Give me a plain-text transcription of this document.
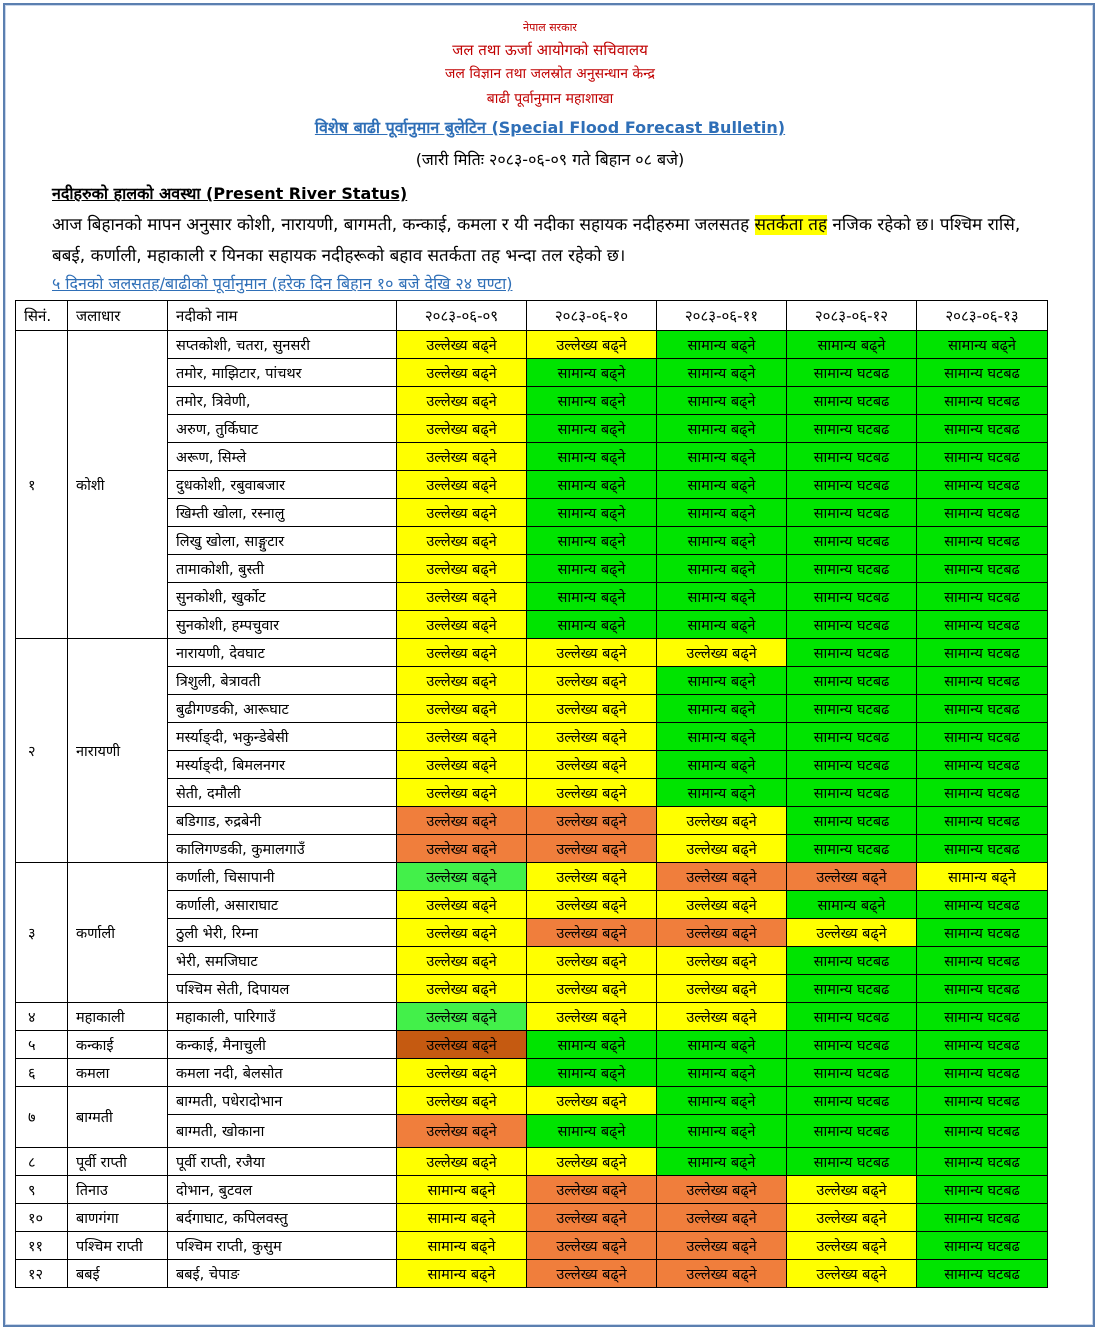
नेपाल सरकार
जल तथा ऊर्जा आयोगको सचिवालय
जल विज्ञान तथा जलस्रोत अनुसन्धान केन्द्र
बाढी पूर्वानुमान महाशाखा
विशेष बाढी पूर्वानुमान बुलेटिन (Special Flood Forecast Bulletin)
(जारी मितिः २०८३-०६-०९ गते बिहान ०८ बजे)
नदीहरुको हालको अवस्था (Present River Status)
आज बिहानको मापन अनुसार कोशी, नारायणी, बागमती, कन्काई, कमला र यी नदीका सहायक नदीहरुमा जलसतह सतर्कता तह नजिक रहेको छ। पश्चिम रासि, बबई, कर्णाली, महाकाली र यिनका सहायक नदीहरूको बहाव सतर्कता तह भन्दा तल रहेको छ।
५ दिनको जलसतह/बाढीको पूर्वानुमान (हरेक दिन बिहान १० बजे देखि २४ घण्टा)
सिनं.	जलाधार	नदीको नाम	२०८३-०६-०९	२०८३-०६-१०	२०८३-०६-११	२०८३-०६-१२	२०८३-०६-१३
१	कोशी	सप्तकोशी, चतरा, सुनसरी	उल्लेख्य बढ्ने	उल्लेख्य बढ्ने	सामान्य बढ्ने	सामान्य बढ्ने	सामान्य बढ्ने
		तमोर, माझिटार, पांचथर	उल्लेख्य बढ्ने	सामान्य बढ्ने	सामान्य बढ्ने	सामान्य घटबढ	सामान्य घटबढ
		तमोर, त्रिवेणी,	उल्लेख्य बढ्ने	सामान्य बढ्ने	सामान्य बढ्ने	सामान्य घटबढ	सामान्य घटबढ
		अरुण, तुर्किघाट	उल्लेख्य बढ्ने	सामान्य बढ्ने	सामान्य बढ्ने	सामान्य घटबढ	सामान्य घटबढ
		अरूण, सिम्ले	उल्लेख्य बढ्ने	सामान्य बढ्ने	सामान्य बढ्ने	सामान्य घटबढ	सामान्य घटबढ
		दुधकोशी, रबुवाबजार	उल्लेख्य बढ्ने	सामान्य बढ्ने	सामान्य बढ्ने	सामान्य घटबढ	सामान्य घटबढ
		खिम्ती खोला, रस्नालु	उल्लेख्य बढ्ने	सामान्य बढ्ने	सामान्य बढ्ने	सामान्य घटबढ	सामान्य घटबढ
		लिखु खोला, साङ्गुटार	उल्लेख्य बढ्ने	सामान्य बढ्ने	सामान्य बढ्ने	सामान्य घटबढ	सामान्य घटबढ
		तामाकोशी, बुस्ती	उल्लेख्य बढ्ने	सामान्य बढ्ने	सामान्य बढ्ने	सामान्य घटबढ	सामान्य घटबढ
		सुनकोशी, खुर्कोट	उल्लेख्य बढ्ने	सामान्य बढ्ने	सामान्य बढ्ने	सामान्य घटबढ	सामान्य घटबढ
		सुनकोशी, हम्पचुवार	उल्लेख्य बढ्ने	सामान्य बढ्ने	सामान्य बढ्ने	सामान्य घटबढ	सामान्य घटबढ
२	नारायणी	नारायणी, देवघाट	उल्लेख्य बढ्ने	उल्लेख्य बढ्ने	उल्लेख्य बढ्ने	सामान्य घटबढ	सामान्य घटबढ
		त्रिशुली, बेत्रावती	उल्लेख्य बढ्ने	उल्लेख्य बढ्ने	सामान्य बढ्ने	सामान्य घटबढ	सामान्य घटबढ
		बुढीगण्डकी, आरूघाट	उल्लेख्य बढ्ने	उल्लेख्य बढ्ने	सामान्य बढ्ने	सामान्य घटबढ	सामान्य घटबढ
		मर्स्याङ्दी, भकुन्डेबेसी	उल्लेख्य बढ्ने	उल्लेख्य बढ्ने	सामान्य बढ्ने	सामान्य घटबढ	सामान्य घटबढ
		मर्स्याङ्दी, बिमलनगर	उल्लेख्य बढ्ने	उल्लेख्य बढ्ने	सामान्य बढ्ने	सामान्य घटबढ	सामान्य घटबढ
		सेती, दमौली	उल्लेख्य बढ्ने	उल्लेख्य बढ्ने	सामान्य बढ्ने	सामान्य घटबढ	सामान्य घटबढ
		बडिगाड, रुद्रबेनी	उल्लेख्य बढ्ने	उल्लेख्य बढ्ने	उल्लेख्य बढ्ने	सामान्य घटबढ	सामान्य घटबढ
		कालिगण्डकी, कुमालगाउँ	उल्लेख्य बढ्ने	उल्लेख्य बढ्ने	उल्लेख्य बढ्ने	सामान्य घटबढ	सामान्य घटबढ
३	कर्णाली	कर्णाली, चिसापानी	उल्लेख्य बढ्ने	उल्लेख्य बढ्ने	उल्लेख्य बढ्ने	उल्लेख्य बढ्ने	सामान्य बढ्ने
		कर्णाली, असाराघाट	उल्लेख्य बढ्ने	उल्लेख्य बढ्ने	उल्लेख्य बढ्ने	सामान्य बढ्ने	सामान्य घटबढ
		ठुली भेरी, रिम्ना	उल्लेख्य बढ्ने	उल्लेख्य बढ्ने	उल्लेख्य बढ्ने	उल्लेख्य बढ्ने	सामान्य घटबढ
		भेरी, समजिघाट	उल्लेख्य बढ्ने	उल्लेख्य बढ्ने	उल्लेख्य बढ्ने	सामान्य घटबढ	सामान्य घटबढ
		पश्चिम सेती, दिपायल	उल्लेख्य बढ्ने	उल्लेख्य बढ्ने	उल्लेख्य बढ्ने	सामान्य घटबढ	सामान्य घटबढ
४	महाकाली	महाकाली, पारिगाउँ	उल्लेख्य बढ्ने	उल्लेख्य बढ्ने	उल्लेख्य बढ्ने	सामान्य घटबढ	सामान्य घटबढ
५	कन्काई	कन्काई, मैनाचुली	उल्लेख्य बढ्ने	सामान्य बढ्ने	सामान्य बढ्ने	सामान्य घटबढ	सामान्य घटबढ
६	कमला	कमला नदी, बेलसोत	उल्लेख्य बढ्ने	सामान्य बढ्ने	सामान्य बढ्ने	सामान्य घटबढ	सामान्य घटबढ
७	बाग्मती	बाग्मती, पधेरादोभान	उल्लेख्य बढ्ने	उल्लेख्य बढ्ने	सामान्य बढ्ने	सामान्य घटबढ	सामान्य घटबढ
		बाग्मती, खोकाना	उल्लेख्य बढ्ने	सामान्य बढ्ने	सामान्य बढ्ने	सामान्य घटबढ	सामान्य घटबढ
८	पूर्वी राप्ती	पूर्वी राप्ती, रजैया	उल्लेख्य बढ्ने	उल्लेख्य बढ्ने	सामान्य बढ्ने	सामान्य घटबढ	सामान्य घटबढ
९	तिनाउ	दोभान, बुटवल	सामान्य बढ्ने	उल्लेख्य बढ्ने	उल्लेख्य बढ्ने	उल्लेख्य बढ्ने	सामान्य घटबढ
१०	बाणगंगा	बर्दगाघाट, कपिलवस्तु	सामान्य बढ्ने	उल्लेख्य बढ्ने	उल्लेख्य बढ्ने	उल्लेख्य बढ्ने	सामान्य घटबढ
११	पश्चिम राप्ती	पश्चिम राप्ती, कुसुम	सामान्य बढ्ने	उल्लेख्य बढ्ने	उल्लेख्य बढ्ने	उल्लेख्य बढ्ने	सामान्य घटबढ
१२	बबई	बबई, चेपाङ	सामान्य बढ्ने	उल्लेख्य बढ्ने	उल्लेख्य बढ्ने	उल्लेख्य बढ्ने	सामान्य घटबढ
